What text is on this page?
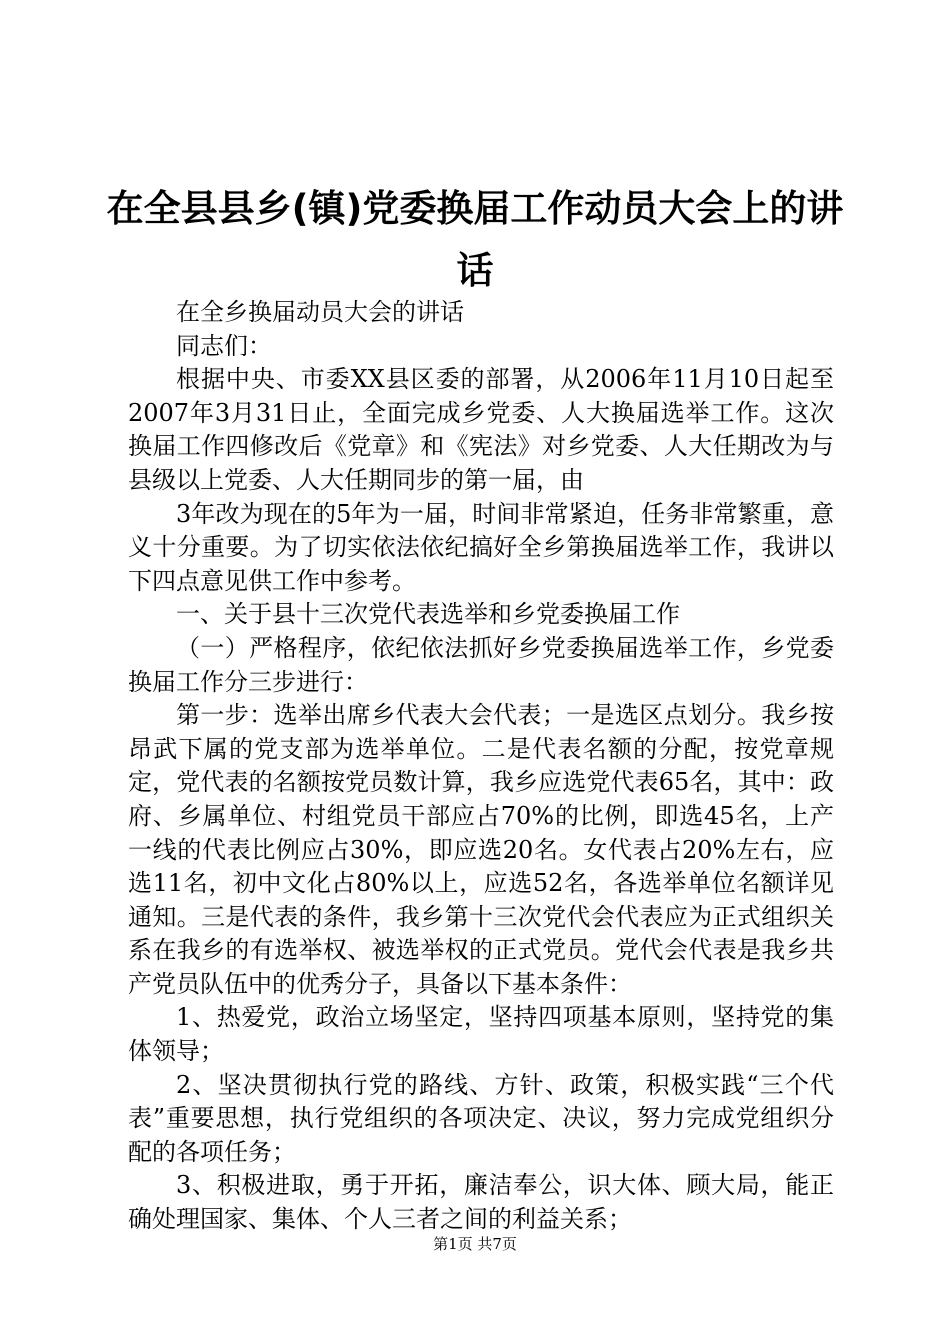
在全县县乡(镇)党委换届工作动员大会上的讲
话

在全乡换届动员大会的讲话

同志们：

根据中央、市委XX县区委的部署，从2006年11月10日起至2007年3月31日止，全面完成乡党委、人大换届选举工作。这次换届工作四修改后《党章》和《宪法》对乡党委、人大任期改为与县级以上党委、人大任期同步的第一届，由

3年改为现在的5年为一届，时间非常紧迫，任务非常繁重，意义十分重要。为了切实依法依纪搞好全乡第换届选举工作，我讲以下四点意见供工作中参考。

一、关于县十三次党代表选举和乡党委换届工作

（一）严格程序，依纪依法抓好乡党委换届选举工作，乡党委换届工作分三步进行：

第一步：选举出席乡代表大会代表；一是选区点划分。我乡按昂武下属的党支部为选举单位。二是代表名额的分配，按党章规定，党代表的名额按党员数计算，我乡应选党代表65名，其中：政府、乡属单位、村组党员干部应占70%的比例，即选45名，上产一线的代表比例应占30%，即应选20名。女代表占20%左右，应选11名，初中文化占80%以上，应选52名，各选举单位名额详见通知。三是代表的条件，我乡第十三次党代会代表应为正式组织关系在我乡的有选举权、被选举权的正式党员。党代会代表是我乡共产党员队伍中的优秀分子，具备以下基本条件：

1、热爱党，政治立场坚定，坚持四项基本原则，坚持党的集体领导；

2、坚决贯彻执行党的路线、方针、政策，积极实践“三个代表”重要思想，执行党组织的各项决定、决议，努力完成党组织分配的各项任务；

3、积极进取，勇于开拓，廉洁奉公，识大体、顾大局，能正确处理国家、集体、个人三者之间的利益关系；

第1页 共7页
